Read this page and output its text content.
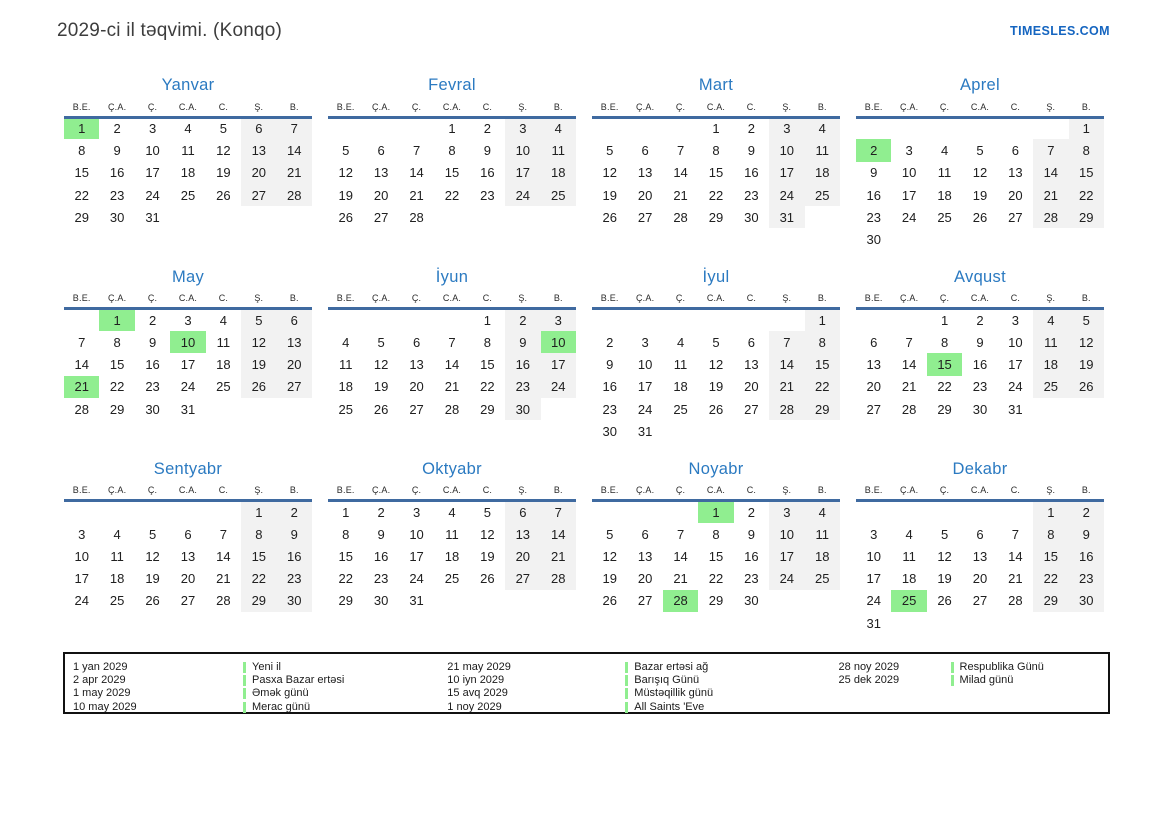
2029-ci il təqvimi. (Konqo)	TIMESLES.COM
Yanvar
B.E.	Ç.A.	Ç.	C.A.	C.	Ş.	B.
1	2	3	4	5	6	7
8	9	10	11	12	13	14
15	16	17	18	19	20	21
22	23	24	25	26	27	28
29	30	31				
Fevral
B.E.	Ç.A.	Ç.	C.A.	C.	Ş.	B.
			1	2	3	4
5	6	7	8	9	10	11
12	13	14	15	16	17	18
19	20	21	22	23	24	25
26	27	28				
Mart
B.E.	Ç.A.	Ç.	C.A.	C.	Ş.	B.
			1	2	3	4
5	6	7	8	9	10	11
12	13	14	15	16	17	18
19	20	21	22	23	24	25
26	27	28	29	30	31	
Aprel
B.E.	Ç.A.	Ç.	C.A.	C.	Ş.	B.
						1
2	3	4	5	6	7	8
9	10	11	12	13	14	15
16	17	18	19	20	21	22
23	24	25	26	27	28	29
30						
May
B.E.	Ç.A.	Ç.	C.A.	C.	Ş.	B.
	1	2	3	4	5	6
7	8	9	10	11	12	13
14	15	16	17	18	19	20
21	22	23	24	25	26	27
28	29	30	31			
İyun
B.E.	Ç.A.	Ç.	C.A.	C.	Ş.	B.
				1	2	3
4	5	6	7	8	9	10
11	12	13	14	15	16	17
18	19	20	21	22	23	24
25	26	27	28	29	30	
İyul
B.E.	Ç.A.	Ç.	C.A.	C.	Ş.	B.
						1
2	3	4	5	6	7	8
9	10	11	12	13	14	15
16	17	18	19	20	21	22
23	24	25	26	27	28	29
30	31					
Avqust
B.E.	Ç.A.	Ç.	C.A.	C.	Ş.	B.
		1	2	3	4	5
6	7	8	9	10	11	12
13	14	15	16	17	18	19
20	21	22	23	24	25	26
27	28	29	30	31		
Sentyabr
B.E.	Ç.A.	Ç.	C.A.	C.	Ş.	B.
					1	2
3	4	5	6	7	8	9
10	11	12	13	14	15	16
17	18	19	20	21	22	23
24	25	26	27	28	29	30
Oktyabr
B.E.	Ç.A.	Ç.	C.A.	C.	Ş.	B.
1	2	3	4	5	6	7
8	9	10	11	12	13	14
15	16	17	18	19	20	21
22	23	24	25	26	27	28
29	30	31				
Noyabr
B.E.	Ç.A.	Ç.	C.A.	C.	Ş.	B.
			1	2	3	4
5	6	7	8	9	10	11
12	13	14	15	16	17	18
19	20	21	22	23	24	25
26	27	28	29	30		
Dekabr
B.E.	Ç.A.	Ç.	C.A.	C.	Ş.	B.
					1	2
3	4	5	6	7	8	9
10	11	12	13	14	15	16
17	18	19	20	21	22	23
24	25	26	27	28	29	30
31						
1 yan 2029	Yeni il
2 apr 2029	Pasxa Bazar ertəsi
1 may 2029	Əmək günü
10 may 2029	Merac günü
21 may 2029	Bazar ertəsi ağ
10 iyn 2029	Barışıq Günü
15 avq 2029	Müstəqillik günü
1 noy 2029	All Saints 'Eve
28 noy 2029	Respublika Günü
25 dek 2029	Milad günü
